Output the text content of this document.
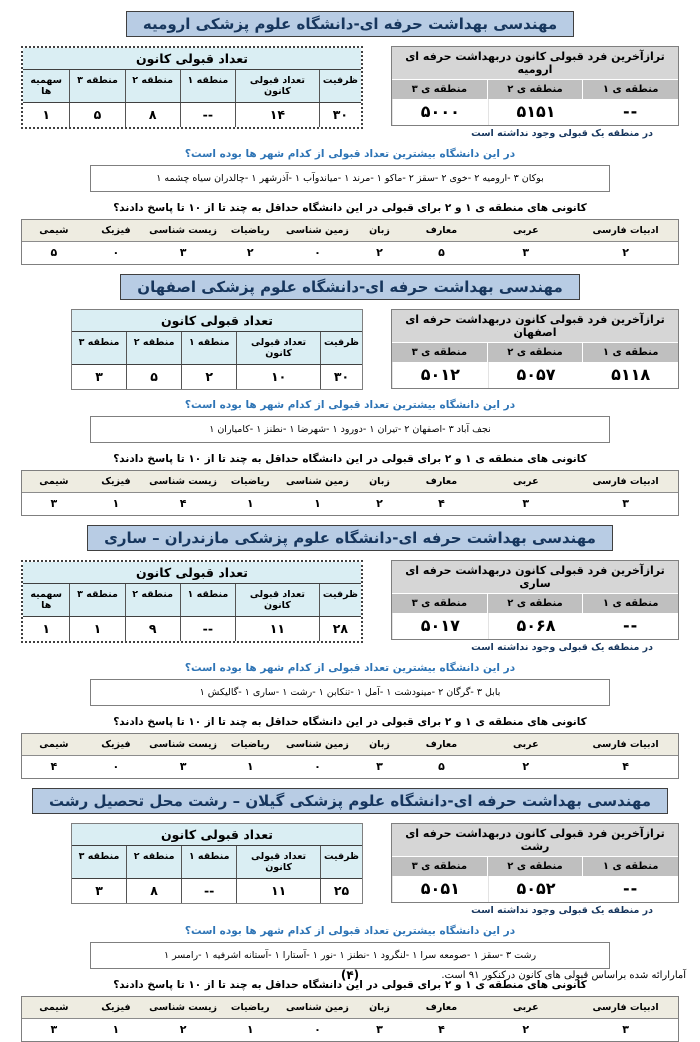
مهندسی بهداشت حرفه ای-دانشگاه علوم پزشکی ارومیه
ترازآخرین فرد قبولی کانون دربهداشت حرفه ای ارومیه
منطقه ی ۱
منطقه ی ۲
منطقه ی ۳
--
۵۱۵۱
۵۰۰۰
در منطقه یک قبولی وجود نداشته است
تعداد قبولی کانون
ظرفیت
تعداد قبولی کانون
منطقه ۱
منطقه ۲
منطقه ۳
سهمیه ها
۳۰
۱۴
--
۸
۵
۱
در این دانشگاه بیشترین تعداد قبولی از کدام شهر ها بوده است؟
بوکان ۳ -ارومیه ۲ -خوی ۲ -سقز ۲ -ماکو ۱ -مرند ۱ -میاندوآب ۱ -آذرشهر ۱ -چالدران سیاه چشمه ۱
کانونی های منطقه ی ۱ و ۲ برای قبولی در این دانشگاه حداقل به چند تا از ۱۰ تا پاسخ دادند؟
ادبیات فارسی
عربی
معارف
زبان
زمین شناسی
ریاضیات
زیست شناسی
فیزیک
شیمی
۲
۳
۵
۲
۰
۲
۳
۰
۵
مهندسی بهداشت حرفه ای-دانشگاه علوم پزشکی اصفهان
ترازآخرین فرد قبولی کانون دربهداشت حرفه ای اصفهان
منطقه ی ۱
منطقه ی ۲
منطقه ی ۳
۵۱۱۸
۵۰۵۷
۵۰۱۲
تعداد قبولی کانون
ظرفیت
تعداد قبولی کانون
منطقه ۱
منطقه ۲
منطقه ۳
۳۰
۱۰
۲
۵
۳
در این دانشگاه بیشترین تعداد قبولی از کدام شهر ها بوده است؟
نجف آباد ۳ -اصفهان ۲ -تیران ۱ -دورود ۱ -شهرضا ۱ -نطنز ۱ -کامیاران ۱
کانونی های منطقه ی ۱ و ۲ برای قبولی در این دانشگاه حداقل به چند تا از ۱۰ تا پاسخ دادند؟
ادبیات فارسی
عربی
معارف
زبان
زمین شناسی
ریاضیات
زیست شناسی
فیزیک
شیمی
۳
۳
۴
۲
۱
۱
۴
۱
۳
مهندسی بهداشت حرفه ای-دانشگاه علوم پزشکی مازندران – ساری
ترازآخرین فرد قبولی کانون دربهداشت حرفه ای ساری
منطقه ی ۱
منطقه ی ۲
منطقه ی ۳
--
۵۰۶۸
۵۰۱۷
در منطقه یک قبولی وجود نداشته است
تعداد قبولی کانون
ظرفیت
تعداد قبولی کانون
منطقه ۱
منطقه ۲
منطقه ۳
سهمیه ها
۲۸
۱۱
--
۹
۱
۱
در این دانشگاه بیشترین تعداد قبولی از کدام شهر ها بوده است؟
بابل ۳ -گرگان ۲ -مینودشت ۱ -آمل ۱ -تنکابن ۱ -رشت ۱ -ساری ۱ -گالیکش ۱
کانونی های منطقه ی ۱ و ۲ برای قبولی در این دانشگاه حداقل به چند تا از ۱۰ تا پاسخ دادند؟
ادبیات فارسی
عربی
معارف
زبان
زمین شناسی
ریاضیات
زیست شناسی
فیزیک
شیمی
۴
۲
۵
۳
۰
۱
۳
۰
۴
مهندسی بهداشت حرفه ای-دانشگاه علوم پزشکی گیلان – رشت محل تحصیل رشت
ترازآخرین فرد قبولی کانون دربهداشت حرفه ای رشت
منطقه ی ۱
منطقه ی ۲
منطقه ی ۳
--
۵۰۵۲
۵۰۵۱
در منطقه یک قبولی وجود نداشته است
تعداد قبولی کانون
ظرفیت
تعداد قبولی کانون
منطقه ۱
منطقه ۲
منطقه ۳
۲۵
۱۱
--
۸
۳
در این دانشگاه بیشترین تعداد قبولی از کدام شهر ها بوده است؟
رشت ۳ -سقز ۱ -صومعه سرا ۱ -لنگرود ۱ -نطنز ۱ -نور ۱ -آستارا ۱ -آستانه اشرفیه ۱ -رامسر ۱
کانونی های منطقه ی ۱ و ۲ برای قبولی در این دانشگاه حداقل به چند تا از ۱۰ تا پاسخ دادند؟
ادبیات فارسی
عربی
معارف
زبان
زمین شناسی
ریاضیات
زیست شناسی
فیزیک
شیمی
۳
۲
۴
۳
۰
۱
۲
۱
۳
آمارارائه شده براساس قبولی های کانون درکنکور ۹۱ است.
(۴)
